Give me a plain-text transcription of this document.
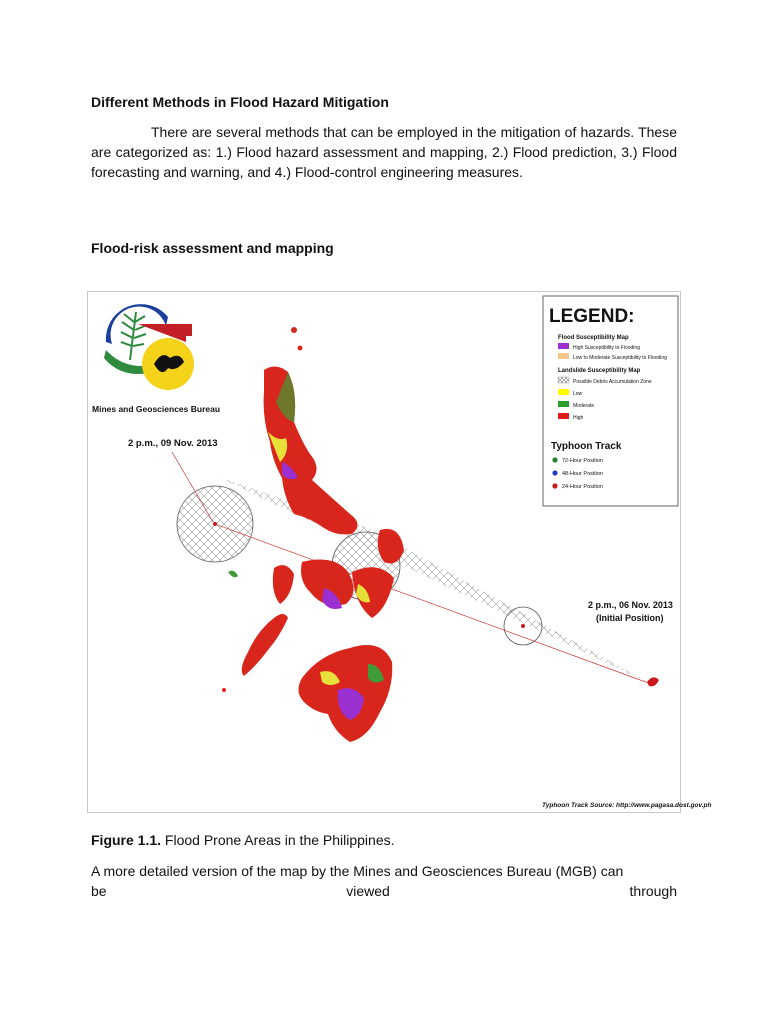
Different Methods in Flood Hazard Mitigation

There are several methods that can be employed in the mitigation of hazards. These are categorized as: 1.) Flood hazard assessment and mapping, 2.) Flood prediction, 3.) Flood forecasting and warning, and 4.) Flood-control engineering measures.

Flood-risk assessment and mapping
Mines and Geosciences Bureau
2 p.m., 09 Nov. 2013
2 p.m., 06 Nov. 2013
(Initial Position)
LEGEND:
Flood Susceptibility Map
High Susceptibility to Flooding
Low to Moderate Susceptibility to Flooding
Landslide Susceptibility Map
Possible Debris Accumulation Zone
Low
Moderate
High
Typhoon Track
72-Hour Position
48-Hour Position
24-Hour Position
Typhoon Track Source: http://www.pagasa.dost.gov.ph

Figure 1.1. Flood Prone Areas in the Philippines.

A more detailed version of the map by the Mines and Geosciences Bureau (MGB) can
be	viewed	through
